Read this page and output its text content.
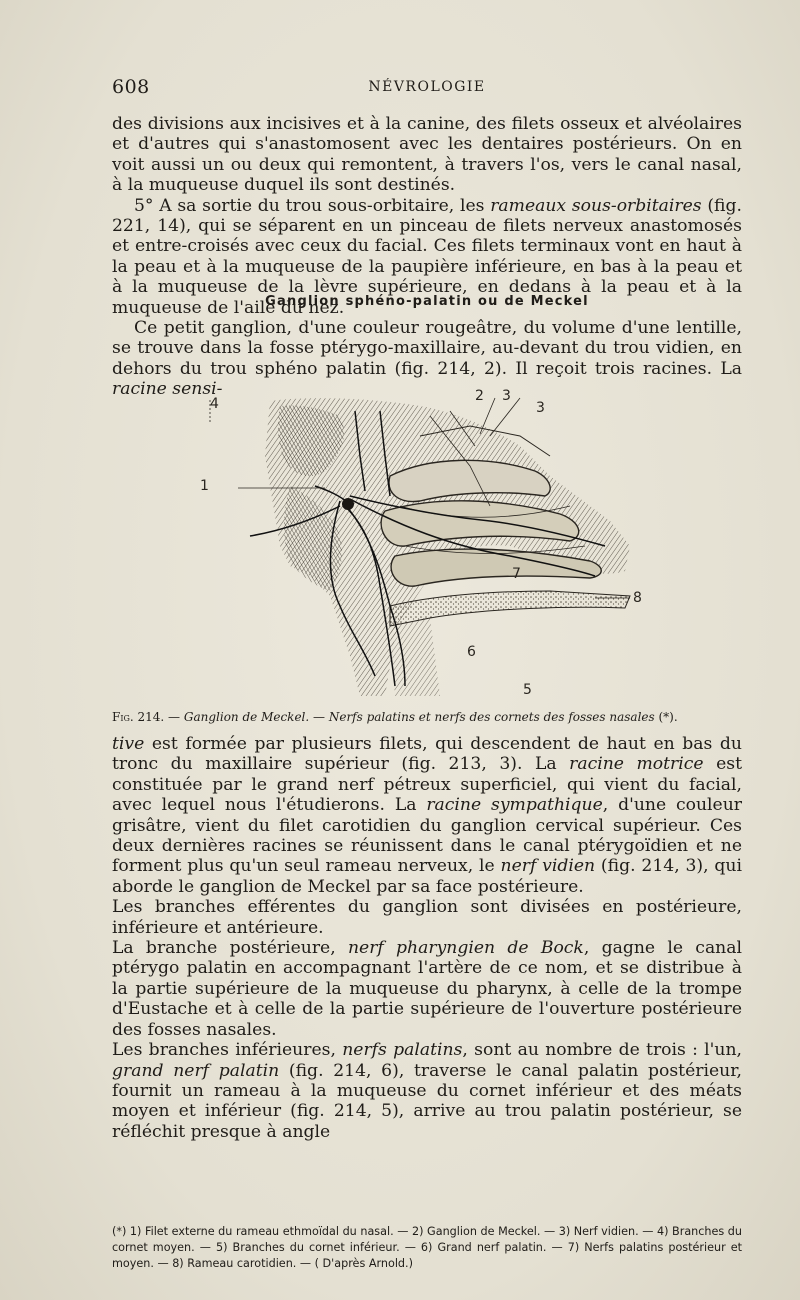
608	NÉVROLOGIE

des divisions aux incisives et à la canine, des filets osseux et alvéolaires et d'autres qui s'anastomosent avec les dentaires postérieurs. On en voit aussi un ou deux qui remontent, à travers l'os, vers le canal nasal, à la muqueuse duquel ils sont destinés.

5° A sa sortie du trou sous-orbitaire, les rameaux sous-orbitaires (fig. 221, 14), qui se séparent en un pinceau de filets nerveux anastomosés et entre-croisés avec ceux du facial. Ces filets terminaux vont en haut à la peau et à la muqueuse de la paupière inférieure, en bas à la peau et à la muqueuse de la lèvre supérieure, en dedans à la peau et à la muqueuse de l'aile du nez.

Ganglion sphéno-palatin ou de Meckel

Ce petit ganglion, d'une couleur rougeâtre, du volume d'une lentille, se trouve dans la fosse ptérygo-maxillaire, au-devant du trou vidien, en dehors du trou sphéno palatin (fig. 214, 2). Il reçoit trois racines. La racine sensi-

4
1
2 3
3
7
8
6
5
Fig. 214. — Ganglion de Meckel. — Nerfs palatins et nerfs des cornets des fosses nasales (*).

tive est formée par plusieurs filets, qui descendent de haut en bas du tronc du maxillaire supérieur (fig. 213, 3). La racine motrice est constituée par le grand nerf pétreux superficiel, qui vient du facial, avec lequel nous l'étudierons. La racine sympathique, d'une couleur grisâtre, vient du filet carotidien du ganglion cervical supérieur. Ces deux dernières racines se réunissent dans le canal ptérygoïdien et ne forment plus qu'un seul rameau nerveux, le nerf vidien (fig. 214, 3), qui aborde le ganglion de Meckel par sa face postérieure.

Les branches efférentes du ganglion sont divisées en postérieure, inférieure et antérieure.

La branche postérieure, nerf pharyngien de Bock, gagne le canal ptérygo palatin en accompagnant l'artère de ce nom, et se distribue à la partie supérieure de la muqueuse du pharynx, à celle de la trompe d'Eustache et à celle de la partie supérieure de l'ouverture postérieure des fosses nasales.

Les branches inférieures, nerfs palatins, sont au nombre de trois : l'un, grand nerf palatin (fig. 214, 6), traverse le canal palatin postérieur, fournit un rameau à la muqueuse du cornet inférieur et des méats moyen et inférieur (fig. 214, 5), arrive au trou palatin postérieur, se réfléchit presque à angle

(*) 1) Filet externe du rameau ethmoïdal du nasal. — 2) Ganglion de Meckel. — 3) Nerf vidien. — 4) Branches du cornet moyen. — 5) Branches du cornet inférieur. — 6) Grand nerf palatin. — 7) Nerfs palatins postérieur et moyen. — 8) Rameau carotidien. — ( D'après Arnold.)
